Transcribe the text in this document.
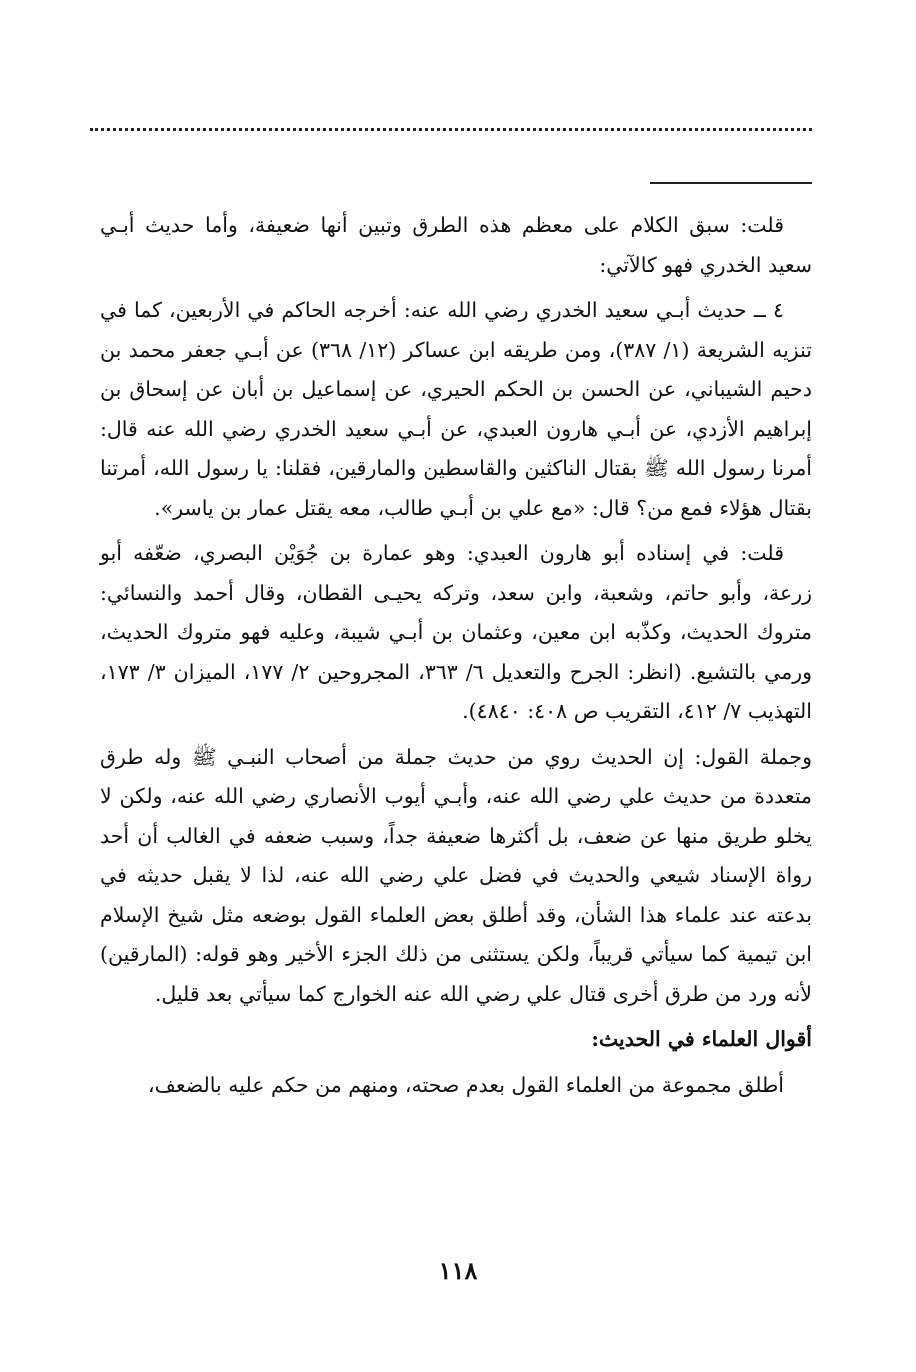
قلت: سبق الكلام على معظم هذه الطرق وتبين أنها ضعيفة، وأما حديث أبـي سعيد الخدري فهو كالآتي:

٤ ــ حديث أبـي سعيد الخدري رضي الله عنه: أخرجه الحاكم في الأربعين، كما في تنزيه الشريعة (١/ ٣٨٧)، ومن طريقه ابن عساكر (١٢/ ٣٦٨) عن أبـي جعفر محمد بن دحيم الشيباني، عن الحسن بن الحكم الحيري، عن إسماعيل بن أبان عن إسحاق بن إبراهيم الأزدي، عن أبـي هارون العبدي، عن أبـي سعيد الخدري رضي الله عنه قال: أمرنا رسول الله ﷺ بقتال الناكثين والقاسطين والمارقين، فقلنا: يا رسول الله، أمرتنا بقتال هؤلاء فمع من؟ قال: «مع علي بن أبـي طالب، معه يقتل عمار بن ياسر».

قلت: في إسناده أبو هارون العبدي: وهو عمارة بن جُوَيْن البصري، ضعّفه أبو زرعة، وأبو حاتم، وشعبة، وابن سعد، وتركه يحيـى القطان، وقال أحمد والنسائي: متروك الحديث، وكذّبه ابن معين، وعثمان بن أبـي شيبة، وعليه فهو متروك الحديث، ورمي بالتشيع. (انظر: الجرح والتعديل ٦/ ٣٦٣، المجروحين ٢/ ١٧٧، الميزان ٣/ ١٧٣، التهذيب ٧/ ٤١٢، التقريب ص ٤٠٨: ٤٨٤٠).

وجملة القول: إن الحديث روي من حديث جملة من أصحاب النبـي ﷺ وله طرق متعددة من حديث علي رضي الله عنه، وأبـي أيوب الأنصاري رضي الله عنه، ولكن لا يخلو طريق منها عن ضعف، بل أكثرها ضعيفة جداً، وسبب ضعفه في الغالب أن أحد رواة الإسناد شيعي والحديث في فضل علي رضي الله عنه، لذا لا يقبل حديثه في بدعته عند علماء هذا الشأن، وقد أطلق بعض العلماء القول بوضعه مثل شيخ الإسلام ابن تيمية كما سيأتي قريباً، ولكن يستثنى من ذلك الجزء الأخير وهو قوله: (المارقين) لأنه ورد من طرق أخرى قتال علي رضي الله عنه الخوارج كما سيأتي بعد قليل.

أقوال العلماء في الحديث:

أطلق مجموعة من العلماء القول بعدم صحته، ومنهم من حكم عليه بالضعف،

١١٨
